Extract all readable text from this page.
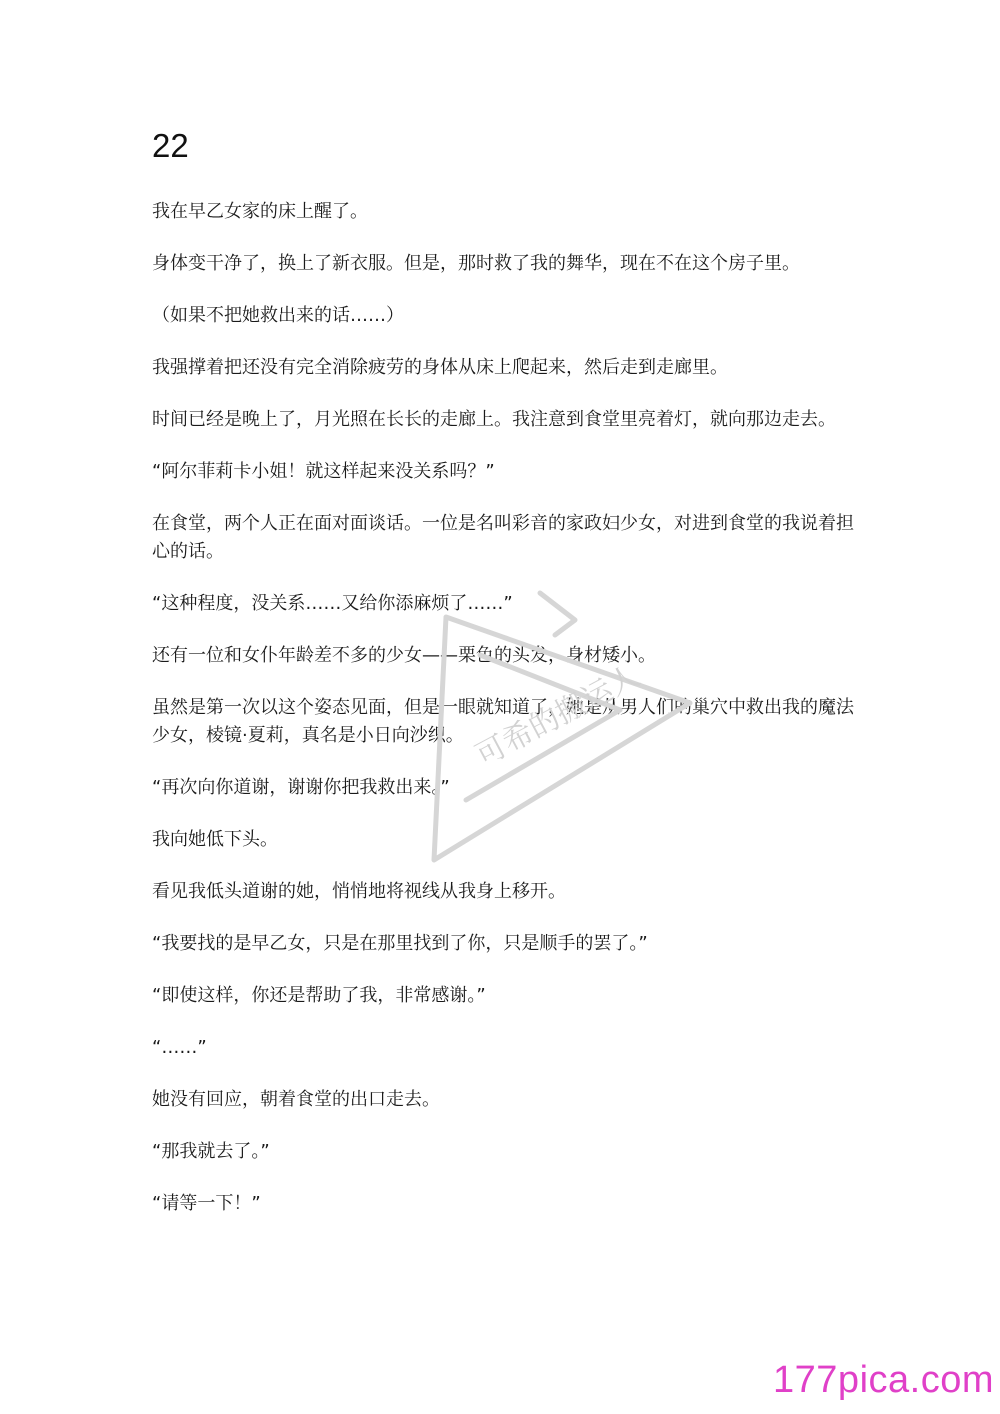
22

我在早乙女家的床上醒了。

身体变干净了，换上了新衣服。但是，那时救了我的舞华，现在不在这个房子里。

（如果不把她救出来的话……）

我强撑着把还没有完全消除疲劳的身体从床上爬起来，然后走到走廊里。

时间已经是晚上了，月光照在长长的走廊上。我注意到食堂里亮着灯，就向那边走去。

“阿尔菲莉卡小姐！就这样起来没关系吗？”

在食堂，两个人正在面对面谈话。一位是名叫彩音的家政妇少女，对进到食堂的我说着担心的话。

“这种程度，没关系……又给你添麻烦了……”

还有一位和女仆年龄差不多的少女——栗色的头发，身材矮小。

虽然是第一次以这个姿态见面，但是一眼就知道了，她是从男人们的巢穴中救出我的魔法少女，棱镜·夏莉，真名是小日向沙织。

“再次向你道谢，谢谢你把我救出来。”

我向她低下头。

看见我低头道谢的她，悄悄地将视线从我身上移开。

“我要找的是早乙女，只是在那里找到了你，只是顺手的罢了。”

“即使这样，你还是帮助了我，非常感谢。”

“……”

她没有回应，朝着食堂的出口走去。

“那我就去了。”

“请等一下！”

可希的搬运人
177pica.com
